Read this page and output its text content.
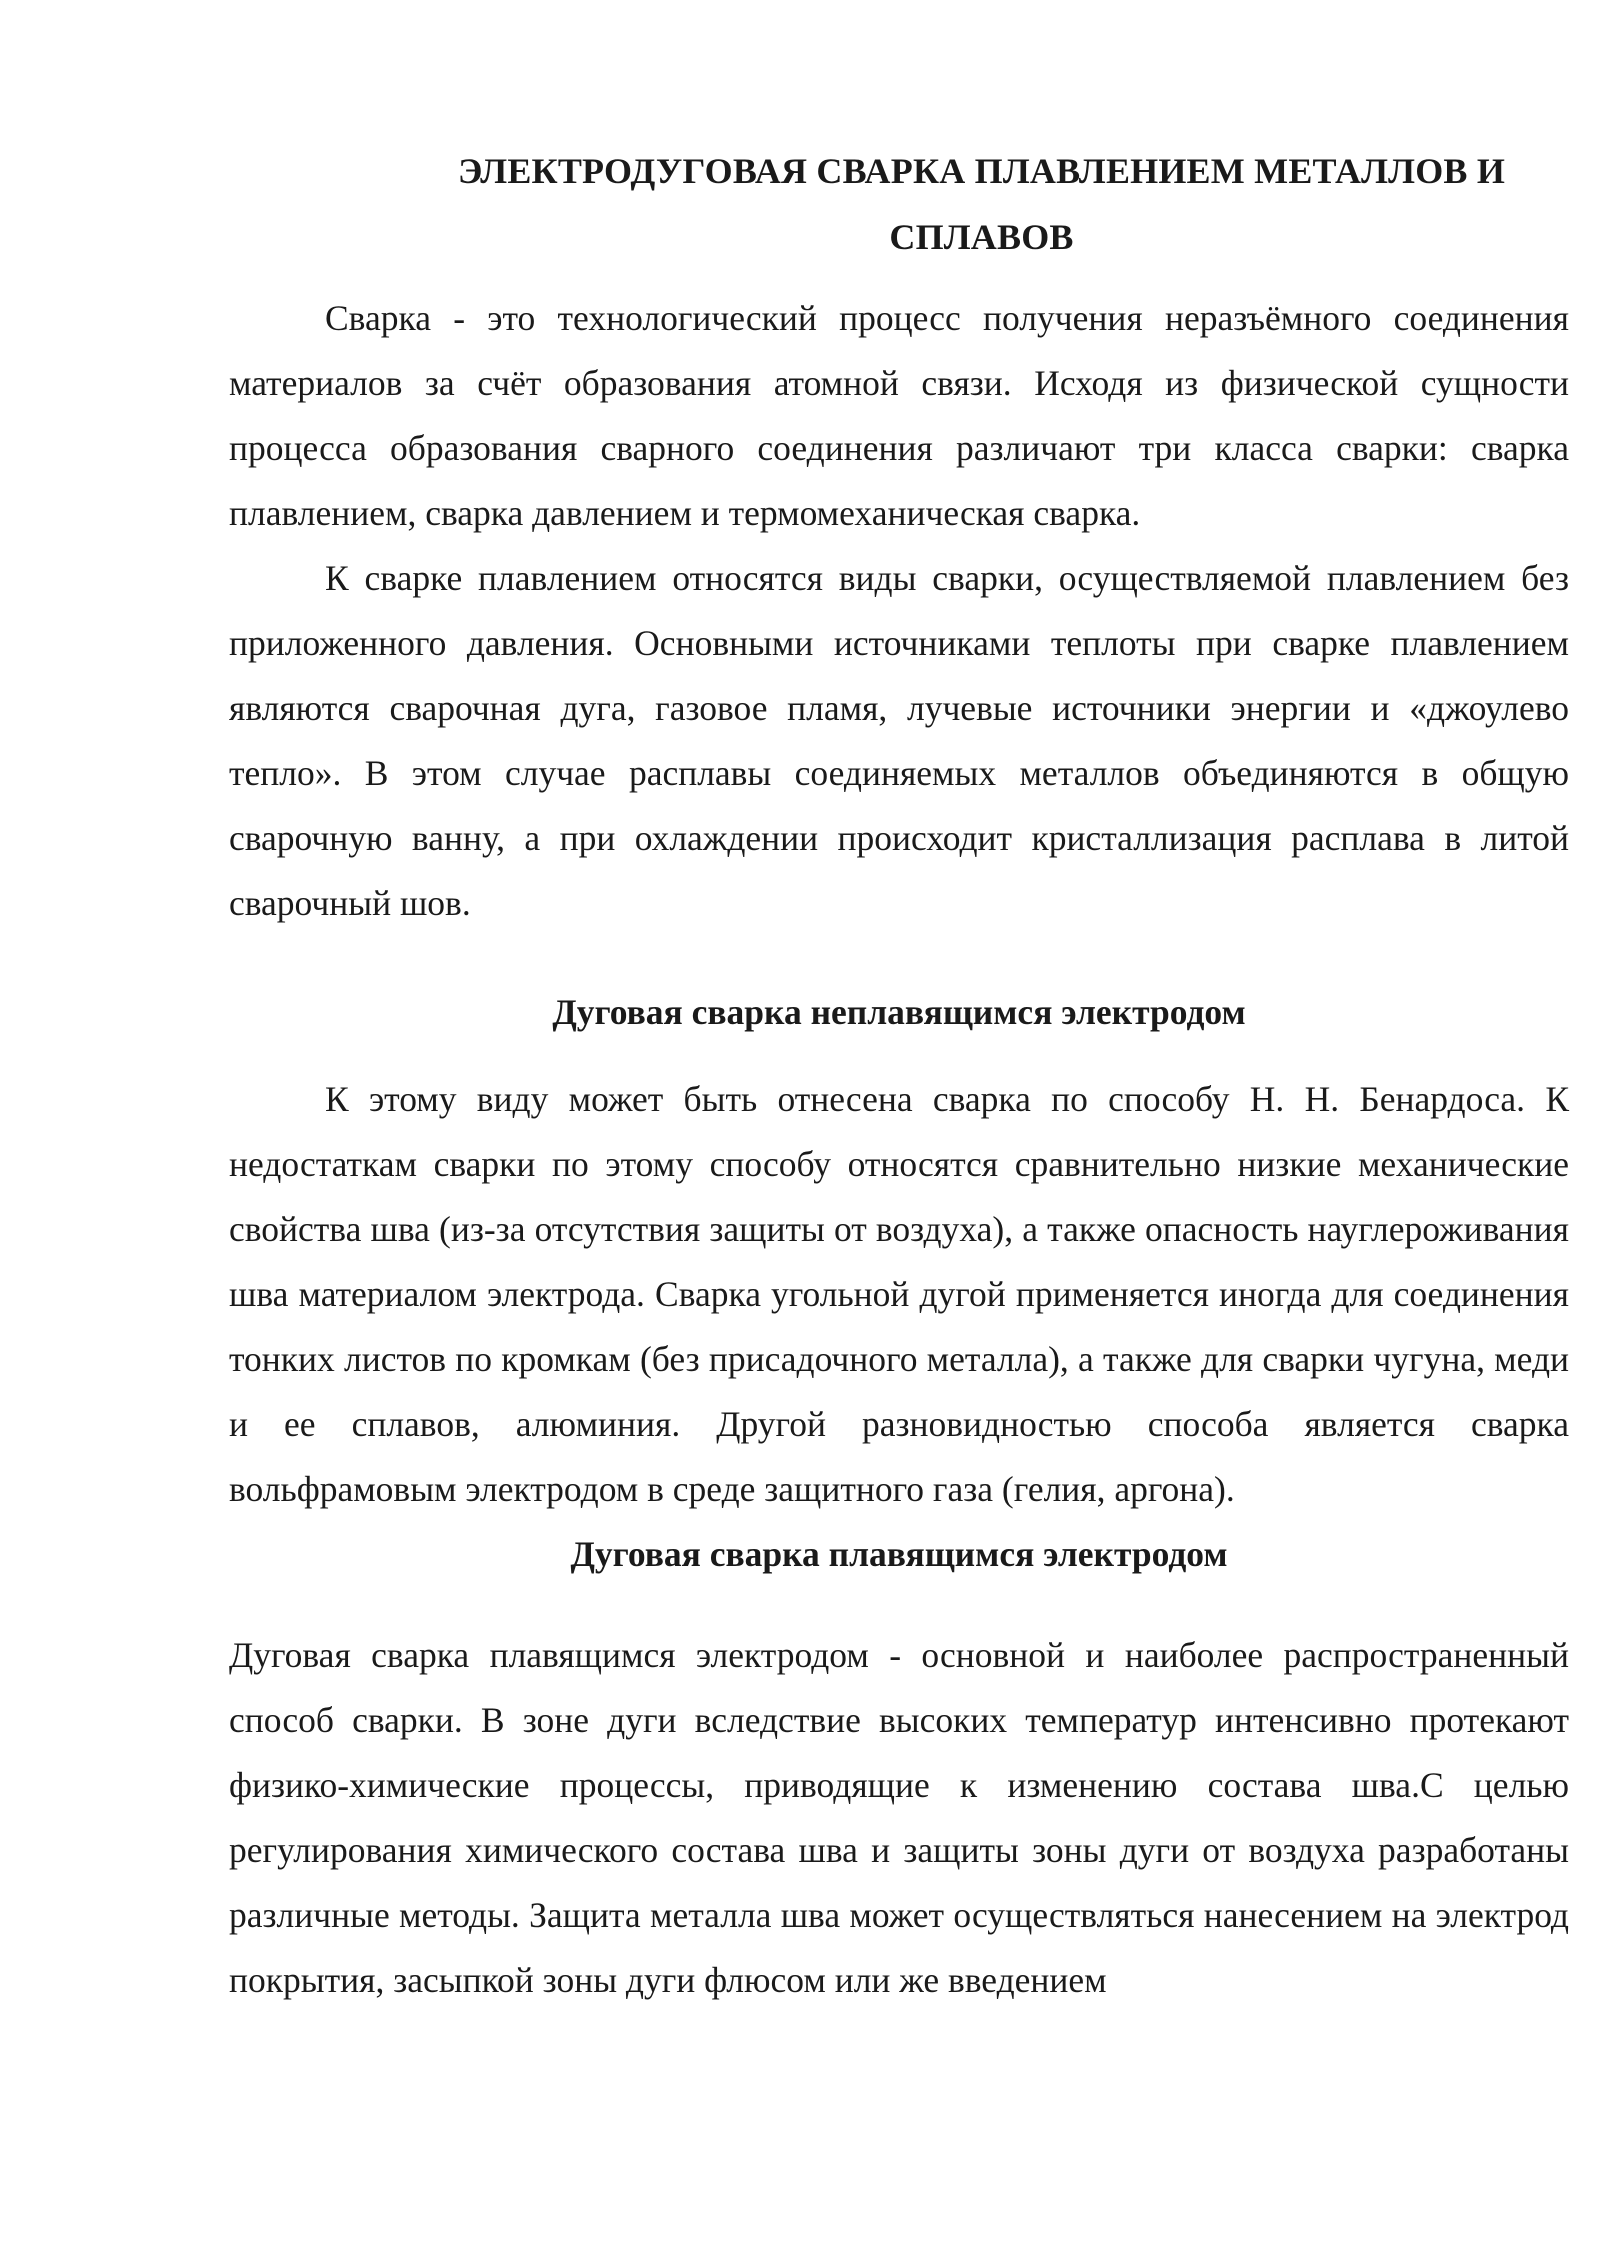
ЭЛЕКТРОДУГОВАЯ СВАРКА ПЛАВЛЕНИЕМ МЕТАЛЛОВ И СПЛАВОВ

Сварка - это технологический процесс получения неразъёмного соединения материалов за счёт образования атомной связи. Исходя из физической сущности процесса образования сварного соединения различают три класса сварки: сварка плавлением, сварка давлением и термомеханическая сварка.

К сварке плавлением относятся виды сварки, осуществляемой плавлением без приложенного давления. Основными источниками теплоты при сварке плавлением являются сварочная дуга, газовое пламя, лучевые источники энергии и «джоулево тепло». В этом случае расплавы соединяемых металлов объединяются в общую сварочную ванну, а при охлаждении происходит кристаллизация расплава в литой сварочный шов.

Дуговая сварка неплавящимся электродом

К этому виду может быть отнесена сварка по способу Н. Н. Бенардоса. К недостаткам сварки по этому способу относятся сравнительно низкие механические свойства шва (из-за отсутствия защиты от воздуха), а также опасность науглероживания шва материалом электрода. Сварка угольной дугой применяется иногда для соединения тонких листов по кромкам (без присадочного металла), а также для сварки чугуна, меди и ее сплавов, алюминия. Другой разновидностью способа является сварка вольфрамовым электродом в среде защитного газа (гелия, аргона).

Дуговая сварка плавящимся электродом

Дуговая сварка плавящимся электродом - основной и наиболее распространенный способ сварки. В зоне дуги вследствие высоких температур интенсивно протекают физико-химические процессы, приводящие к изменению состава шва.С целью регулирования химического состава шва и защиты зоны дуги от воздуха разработаны различные методы. Защита металла шва может осуществляться нанесением на электрод покрытия, засыпкой зоны дуги флюсом или же введением
